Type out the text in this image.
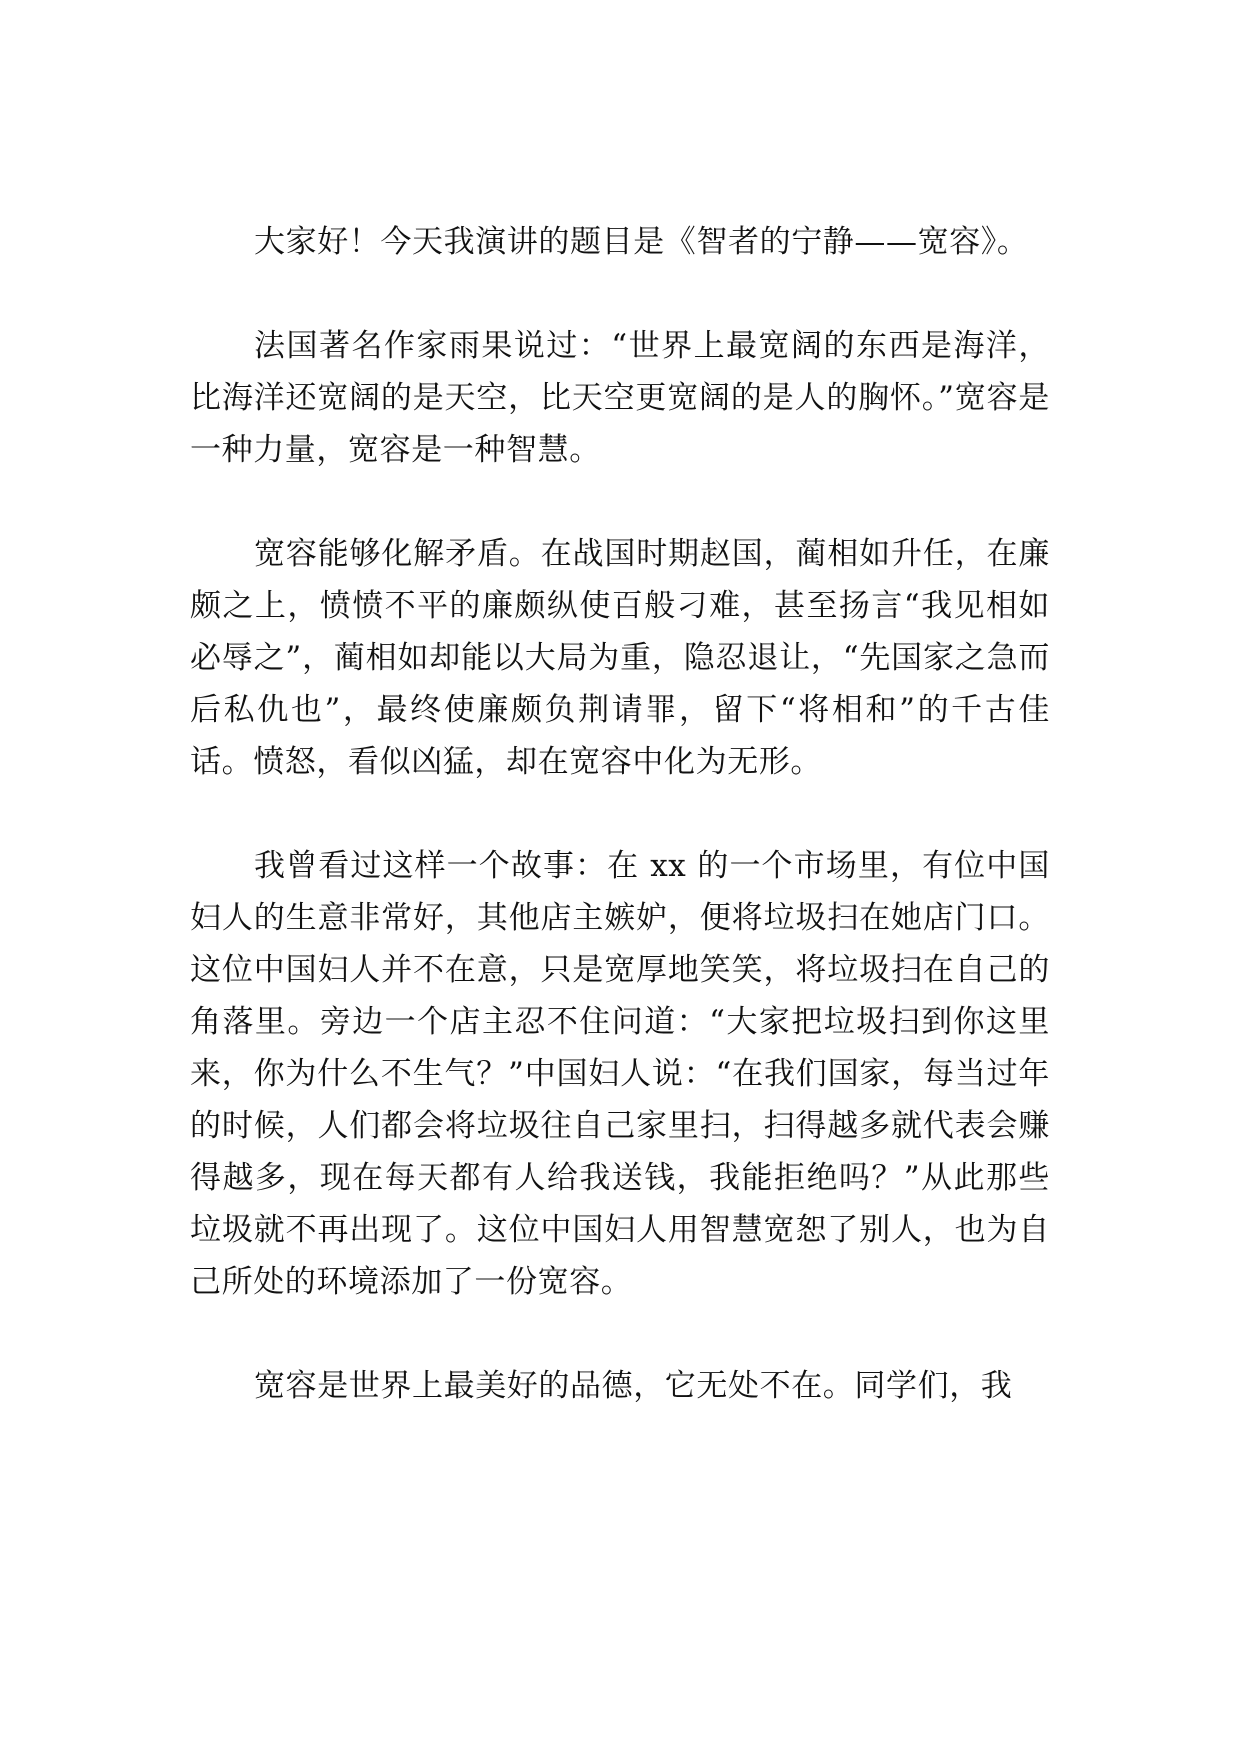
大家好！今天我演讲的题目是《智者的宁静——宽容》。

法国著名作家雨果说过：“世界上最宽阔的东西是海洋，比海洋还宽阔的是天空，比天空更宽阔的是人的胸怀。”宽容是一种力量，宽容是一种智慧。

宽容能够化解矛盾。在战国时期赵国，蔺相如升任，在廉颇之上，愤愤不平的廉颇纵使百般刁难，甚至扬言“我见相如必辱之”，蔺相如却能以大局为重，隐忍退让，“先国家之急而后私仇也”，最终使廉颇负荆请罪，留下“将相和”的千古佳话。愤怒，看似凶猛，却在宽容中化为无形。

我曾看过这样一个故事：在 xx 的一个市场里，有位中国妇人的生意非常好，其他店主嫉妒，便将垃圾扫在她店门口。这位中国妇人并不在意，只是宽厚地笑笑，将垃圾扫在自己的角落里。旁边一个店主忍不住问道：“大家把垃圾扫到你这里来，你为什么不生气？”中国妇人说：“在我们国家，每当过年的时候，人们都会将垃圾往自己家里扫，扫得越多就代表会赚得越多，现在每天都有人给我送钱，我能拒绝吗？”从此那些垃圾就不再出现了。这位中国妇人用智慧宽恕了别人，也为自己所处的环境添加了一份宽容。

宽容是世界上最美好的品德，它无处不在。同学们，我
